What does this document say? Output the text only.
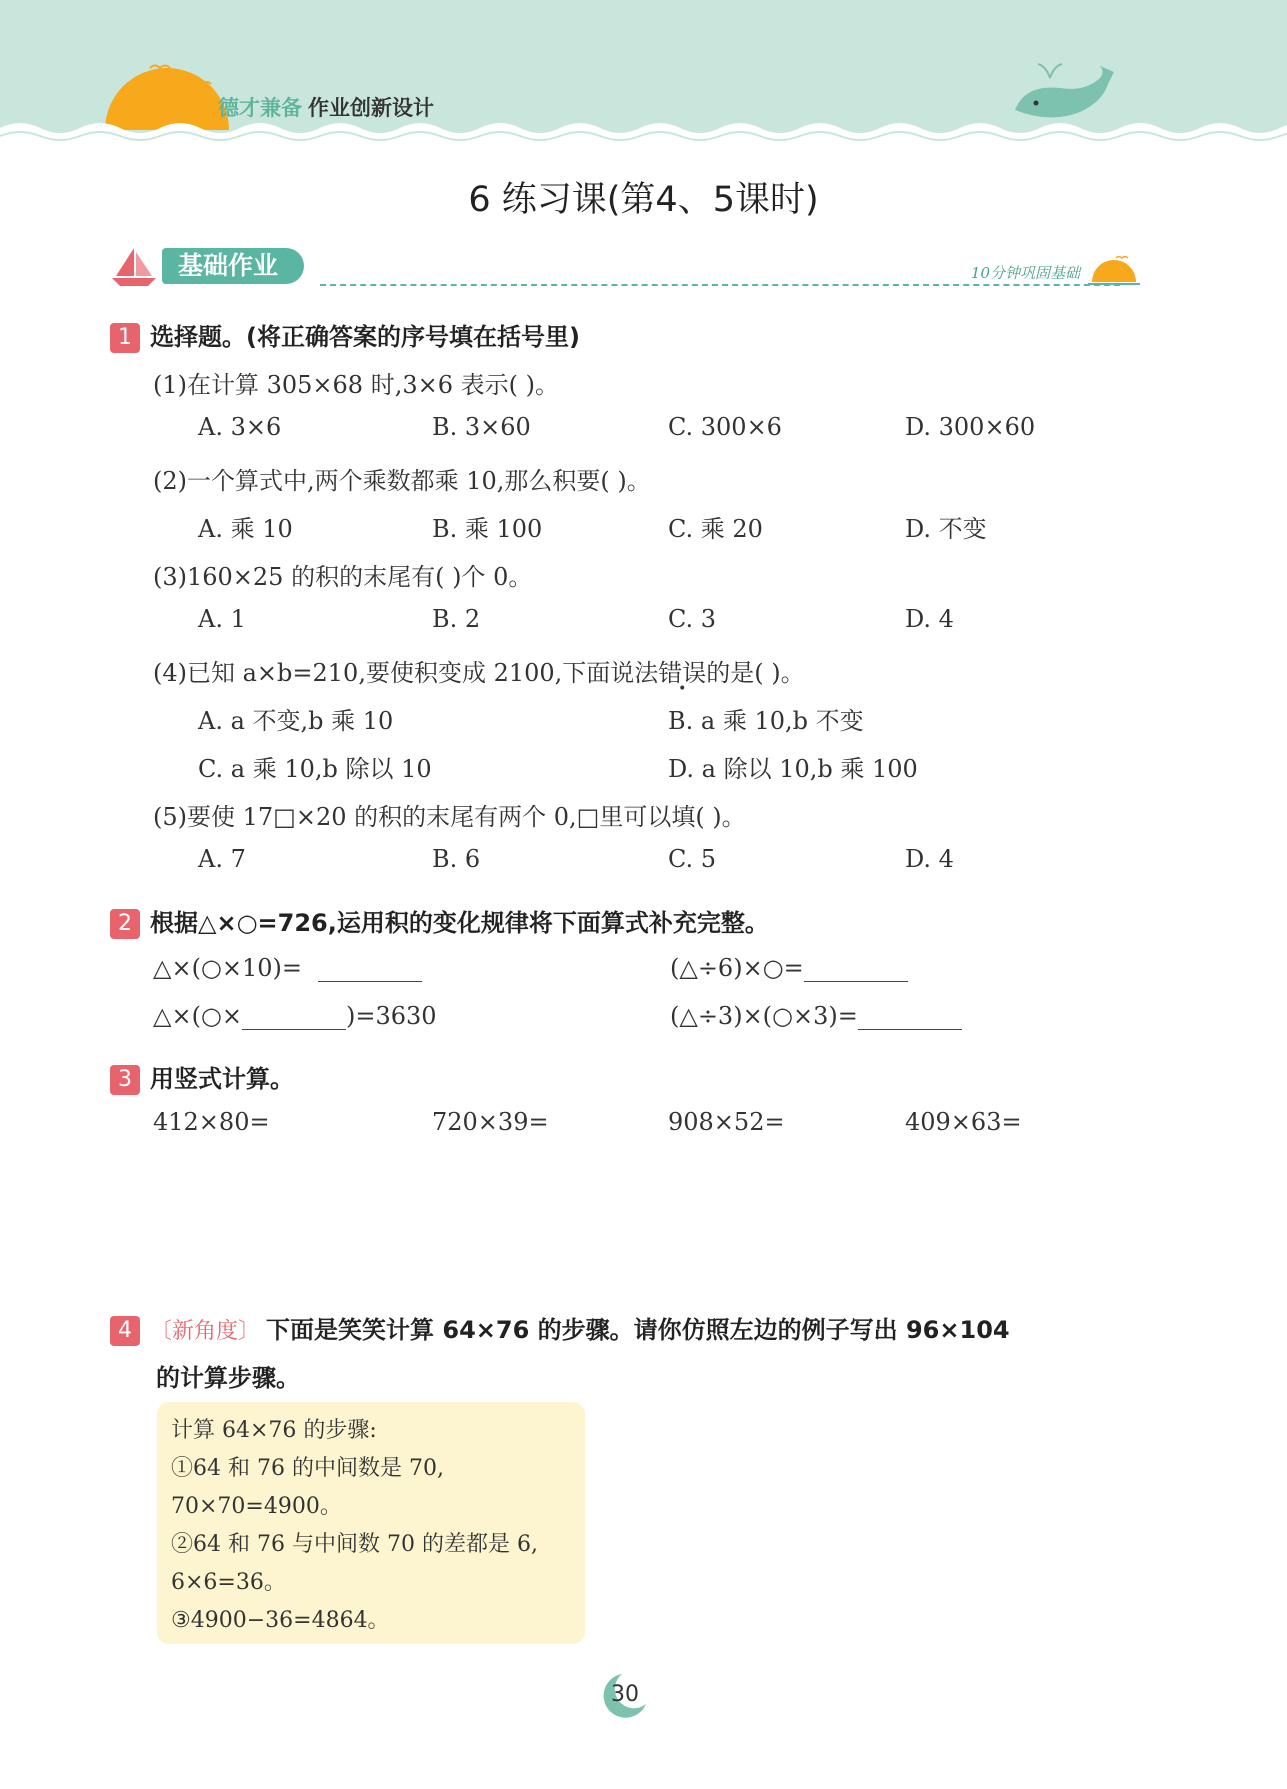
德才兼备 作业创新设计
6 练习课(第4、5课时)
基础作业	10分钟巩固基础
1 选择题。(将正确答案的序号填在括号里)
(1)在计算 305×68 时,3×6 表示( )。
A. 3×6	B. 3×60	C. 300×6	D. 300×60
(2)一个算式中,两个乘数都乘 10,那么积要( )。
A. 乘 10	B. 乘 100	C. 乘 20	D. 不变
(3)160×25 的积的末尾有( )个 0。
A. 1	B. 2	C. 3	D. 4
(4)已知 a×b=210,要使积变成 2100,下面说法错误的是( )。
A. a 不变,b 乘 10	B. a 乘 10,b 不变
C. a 乘 10,b 除以 10	D. a 除以 10,b 乘 100
(5)要使 17□×20 的积的末尾有两个 0,□里可以填( )。
A. 7	B. 6	C. 5	D. 4
2 根据△×○=726,运用积的变化规律将下面算式补充完整。
△×(○×10)=	(△÷6)×○=
△×(○×	)=3630	(△÷3)×(○×3)=
3 用竖式计算。
412×80=	720×39=	908×52=	409×63=
4 〔新角度〕 下面是笑笑计算 64×76 的步骤。请你仿照左边的例子写出 96×104
的计算步骤。
计算 64×76 的步骤:
①64 和 76 的中间数是 70,
70×70=4900。
②64 和 76 与中间数 70 的差都是 6,
6×6=36。
③4900−36=4864。
30
